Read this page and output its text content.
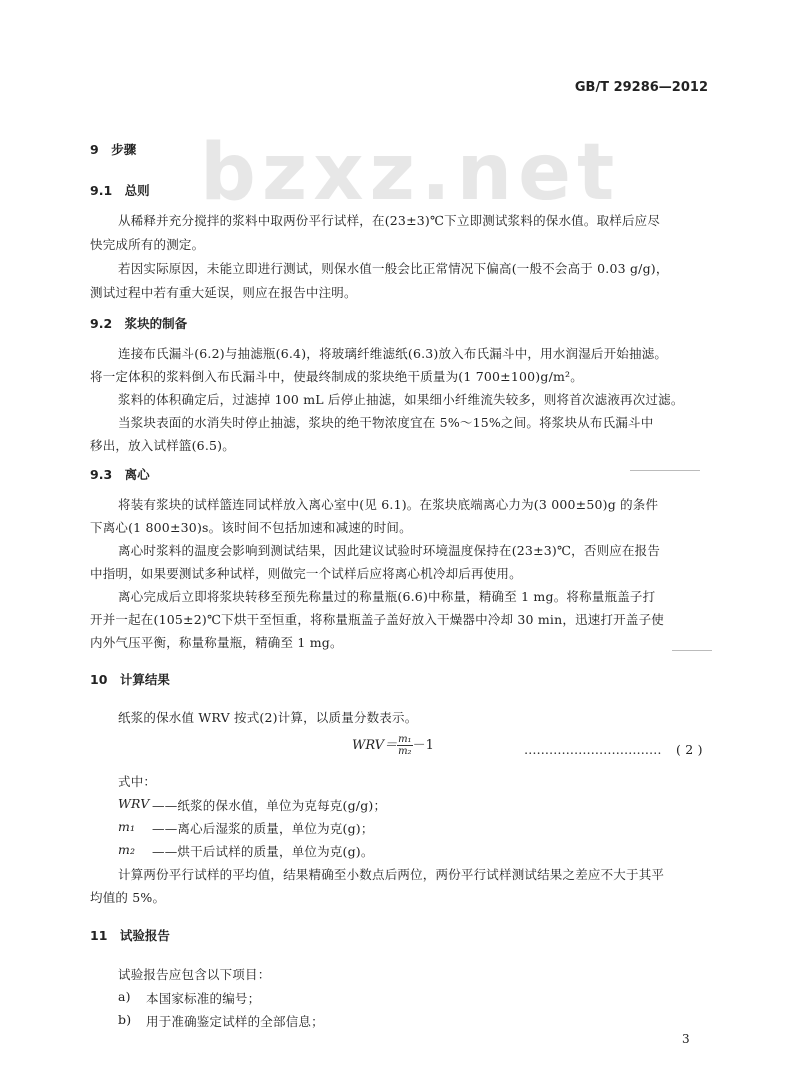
GB/T 29286—2012
bzxz.net
9　步骤
9.1　总则
从稀释并充分搅拌的浆料中取两份平行试样，在(23±3)℃下立即测试浆料的保水值。取样后应尽
快完成所有的测定。
若因实际原因，未能立即进行测试，则保水值一般会比正常情况下偏高(一般不会高于 0.03 g/g)，
测试过程中若有重大延误，则应在报告中注明。
9.2　浆块的制备
连接布氏漏斗(6.2)与抽滤瓶(6.4)，将玻璃纤维滤纸(6.3)放入布氏漏斗中，用水润湿后开始抽滤。
将一定体积的浆料倒入布氏漏斗中，使最终制成的浆块绝干质量为(1 700±100)g/m²。
浆料的体积确定后，过滤掉 100 mL 后停止抽滤，如果细小纤维流失较多，则将首次滤液再次过滤。
当浆块表面的水消失时停止抽滤，浆块的绝干物浓度宜在 5%～15%之间。将浆块从布氏漏斗中
移出，放入试样篮(6.5)。
9.3　离心
将装有浆块的试样篮连同试样放入离心室中(见 6.1)。在浆块底端离心力为(3 000±50)g 的条件
下离心(1 800±30)s。该时间不包括加速和减速的时间。
离心时浆料的温度会影响到测试结果，因此建议试验时环境温度保持在(23±3)℃，否则应在报告
中指明，如果要测试多种试样，则做完一个试样后应将离心机冷却后再使用。
离心完成后立即将浆块转移至预先称量过的称量瓶(6.6)中称量，精确至 1 mg。将称量瓶盖子打
开并一起在(105±2)℃下烘干至恒重，将称量瓶盖子盖好放入干燥器中冷却 30 min，迅速打开盖子使
内外气压平衡，称量称量瓶，精确至 1 mg。
10　计算结果
纸浆的保水值 WRV 按式(2)计算，以质量分数表示。
$WRV= \frac{\text{m₁}}{\text{m₂}} -1$	…………………………… ( 2 )
式中：
WRV ——纸浆的保水值，单位为克每克(g/g)；
m₁ ——离心后湿浆的质量，单位为克(g)；
m₂ ——烘干后试样的质量，单位为克(g)。
计算两份平行试样的平均值，结果精确至小数点后两位，两份平行试样测试结果之差应不大于其平
均值的 5%。
11　试验报告
试验报告应包含以下项目：
a) 本国家标准的编号；
b) 用于准确鉴定试样的全部信息；
3
